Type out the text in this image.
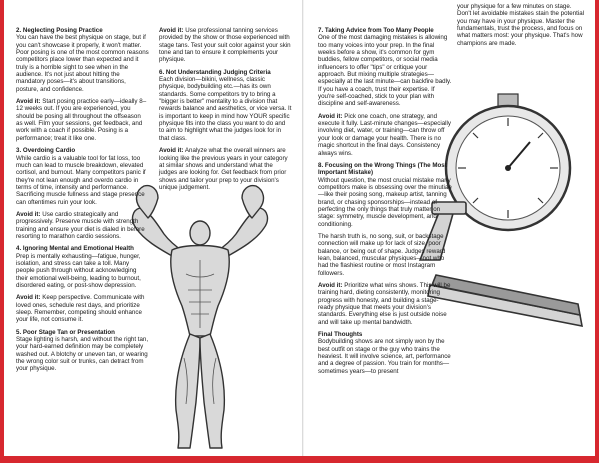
2. Neglecting Posing Practice
You can have the best physique on stage, but if you can't showcase it properly, it won't matter. Poor posing is one of the most common reasons competitors place lower than expected and it truly is a horrible sight to see when in the audience. It's not just about hitting the mandatory poses—it's about transitions, posture, and confidence.

Avoid it: Start posing practice early—ideally 8–12 weeks out. If you are experienced, you should be posing all throughout the offseason as well. Film your sessions, get feedback, and work with a coach if possible. Posing is a performance; treat it like one.

3. Overdoing Cardio
While cardio is a valuable tool for fat loss, too much can lead to muscle breakdown, elevated cortisol, and burnout. Many competitors panic if they're not lean enough and overdo cardio in terms of time, intensity and performance. Sacrificing muscle fullness and stage presence can oftentimes ruin your look.

Avoid it: Use cardio strategically and progressively. Preserve muscle with strength training and ensure your diet is dialed in before resorting to marathon cardio sessions.

4. Ignoring Mental and Emotional Health
Prep is mentally exhausting—fatigue, hunger, isolation, and stress can take a toll. Many people push through without acknowledging their emotional well-being, leading to burnout, disordered eating, or post-show depression.

Avoid it: Keep perspective. Communicate with loved ones, schedule rest days, and prioritize sleep. Remember, competing should enhance your life, not consume it.

5. Poor Stage Tan or Presentation
Stage lighting is harsh, and without the right tan, your hard-earned definition may be completely washed out. A blotchy or uneven tan, or wearing the wrong color suit or trunks, can detract from your physique.

Avoid it: Use professional tanning services provided by the show or those experienced with stage tans. Test your suit color against your skin tone and tan to ensure it complements your physique.

6. Not Understanding Judging Criteria
Each division—bikini, wellness, classic physique, bodybuilding etc.—has its own standards. Some competitors try to bring a "bigger is better" mentality to a division that rewards balance and aesthetics, or vice versa. It is important to keep in mind how YOUR specific physique fits into the class you want to do and to aim to highlight what the judges look for in that class.

Avoid it: Analyze what the overall winners are looking like the previous years in your category at similar shows and understand what the judges are looking for. Get feedback from prior shows and tailor your prep to your division's unique judgement.

7. Taking Advice from Too Many People
One of the most damaging mistakes is allowing too many voices into your prep. In the final weeks before a show, it's common for gym buddies, fellow competitors, or social media influencers to offer "tips" or critique your approach. But mixing multiple strategies—especially at the last minute—can backfire badly. If you have a coach, trust their expertise. If you're self-coached, stick to your plan with discipline and self-awareness.

Avoid it: Pick one coach, one strategy, and execute it fully. Last-minute changes—especially involving diet, water, or training—can throw off your look or damage your health. There is no magic shortcut in the final days. Consistency always wins.

8. Focusing on the Wrong Things (The Most Important Mistake)
Without question, the most crucial mistake many competitors make is obsessing over the minutiae—like their posing song, makeup artist, tanning brand, or chasing sponsorships—instead of perfecting the only things that truly matter on stage: symmetry, muscle development, and conditioning.

The harsh truth is, no song, suit, or backstage connection will make up for lack of size, poor balance, or being out of shape. Judges reward lean, balanced, muscular physiques—not who had the flashiest routine or most Instagram followers.

Avoid it: Prioritize what wins shows. This will be training hard, dieting consistently, monitoring progress with honesty, and building a stage-ready physique that meets your division's standards. Everything else is just outside noise and will take up mental bandwidth.

Final Thoughts
Bodybuilding shows are not simply won by the best outfit on stage or the guy who trains the heaviest. It will involve science, art, performance and a degree of passion. You train for months—sometimes years—to present

your physique for a few minutes on stage. Don't let avoidable mistakes stain the potential you may have in your physique. Master the fundamentals, trust the process, and focus on what matters most: your physique. That's how champions are made.
